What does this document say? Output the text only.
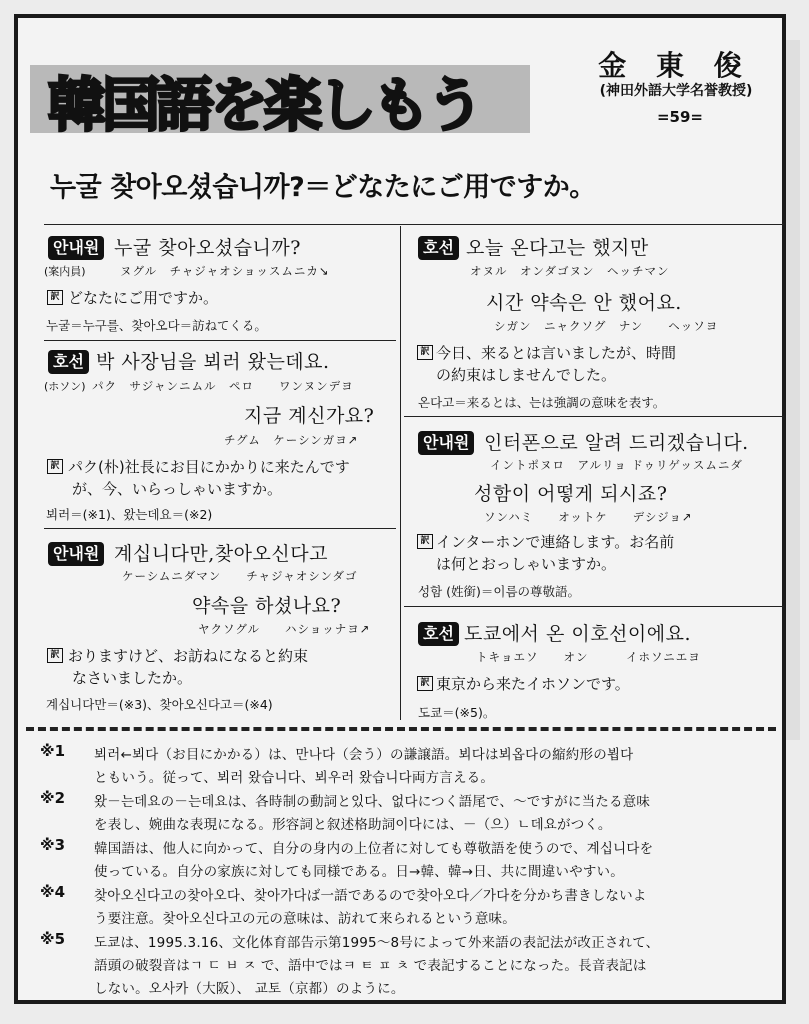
韓国語を楽しもう
金 東 俊
(神田外語大学名誉教授)
=59=
누굴 찾아오셨습니까?＝どなたにご用ですか。
안내원 누굴 찾아오셨습니까?
(案内員)	ヌグル　チャジャオショッスムニカ↘
訳 どなたにご用ですか。
누굴＝누구를、찾아오다＝訪ねてくる。
호선 박 사장님을 뵈러 왔는데요.
(ホソン) パク　サジャンニムル　ペロ　　ワンヌンデヨ
지금 계신가요?
チグム　ケーシンガヨ↗
訳 パク(朴)社長にお目にかかりに来たんです
が、今、いらっしゃいますか。
뵈러＝(※1)、왔는데요＝(※2)
안내원 계십니다만,찾아오신다고
ケーシムニダマン　　チャジャオシンダゴ
약속을 하셨나요?
ヤクソグル　　ハショッナヨ↗
訳 おりますけど、お訪ねになると約束
なさいましたか。
계십니다만＝(※3)、찾아오신다고＝(※4)
호선 오늘 온다고는 했지만
オヌル　オンダゴヌン　ヘッチマン
시간 약속은 안 했어요.
シガン　ニャクソグ　ナン　　ヘッソヨ
訳 今日、来るとは言いましたが、時間
の約束はしませんでした。
온다고＝来るとは、는は強調の意味を表す。
안내원 인터폰으로 알려 드리겠습니다.
イントポヌロ　アルリョ ドゥリゲッスムニダ
성함이 어떻게 되시죠?
ソンハミ　　オットケ　　デシジョ↗
訳 インターホンで連絡します。お名前
は何とおっしゃいますか。
성함 (姓銜)＝이름の尊敬語。
호선 도쿄에서 온 이호선이에요.
トキョエソ　　オン　　　イホソニエヨ
訳 東京から来たイホソンです。
도쿄＝(※5)。
※1 뵈러←뵈다（お目にかかる）は、만나다（会う）の謙譲語。뵈다は뵈옵다の縮約形の뵙다
ともいう。従って、뵈러 왔습니다、뵈우러 왔습니다両方言える。
※2 왔－는데요の－는데요は、各時制の動詞と있다、없다につく語尾で、～ですがに当たる意味
を表し、婉曲な表現になる。形容詞と叙述格助詞이다には、－（으）ㄴ데요がつく。
※3 韓国語は、他人に向かって、自分の身内の上位者に対しても尊敬語を使うので、계십니다を
使っている。自分の家族に対しても同様である。日→韓、韓→日、共に間違いやすい。
※4 찾아오신다고の찾아오다、찾아가다ば一語であるので찾아오다／가다を分かち書きしないよ
う要注意。찾아오신다고の元の意味は、訪れて来られるという意味。
※5 도쿄は、1995.3.16、文化体育部告示第1995～8号によって外来語の表記法が改正されて、
語頭の破裂音はㄱ ㄷ ㅂ ㅈ で、語中ではㅋ ㅌ ㅍ ㅊ で表記することになった。長音表記は
しない。오사카（大阪）、 교토（京都）のように。
